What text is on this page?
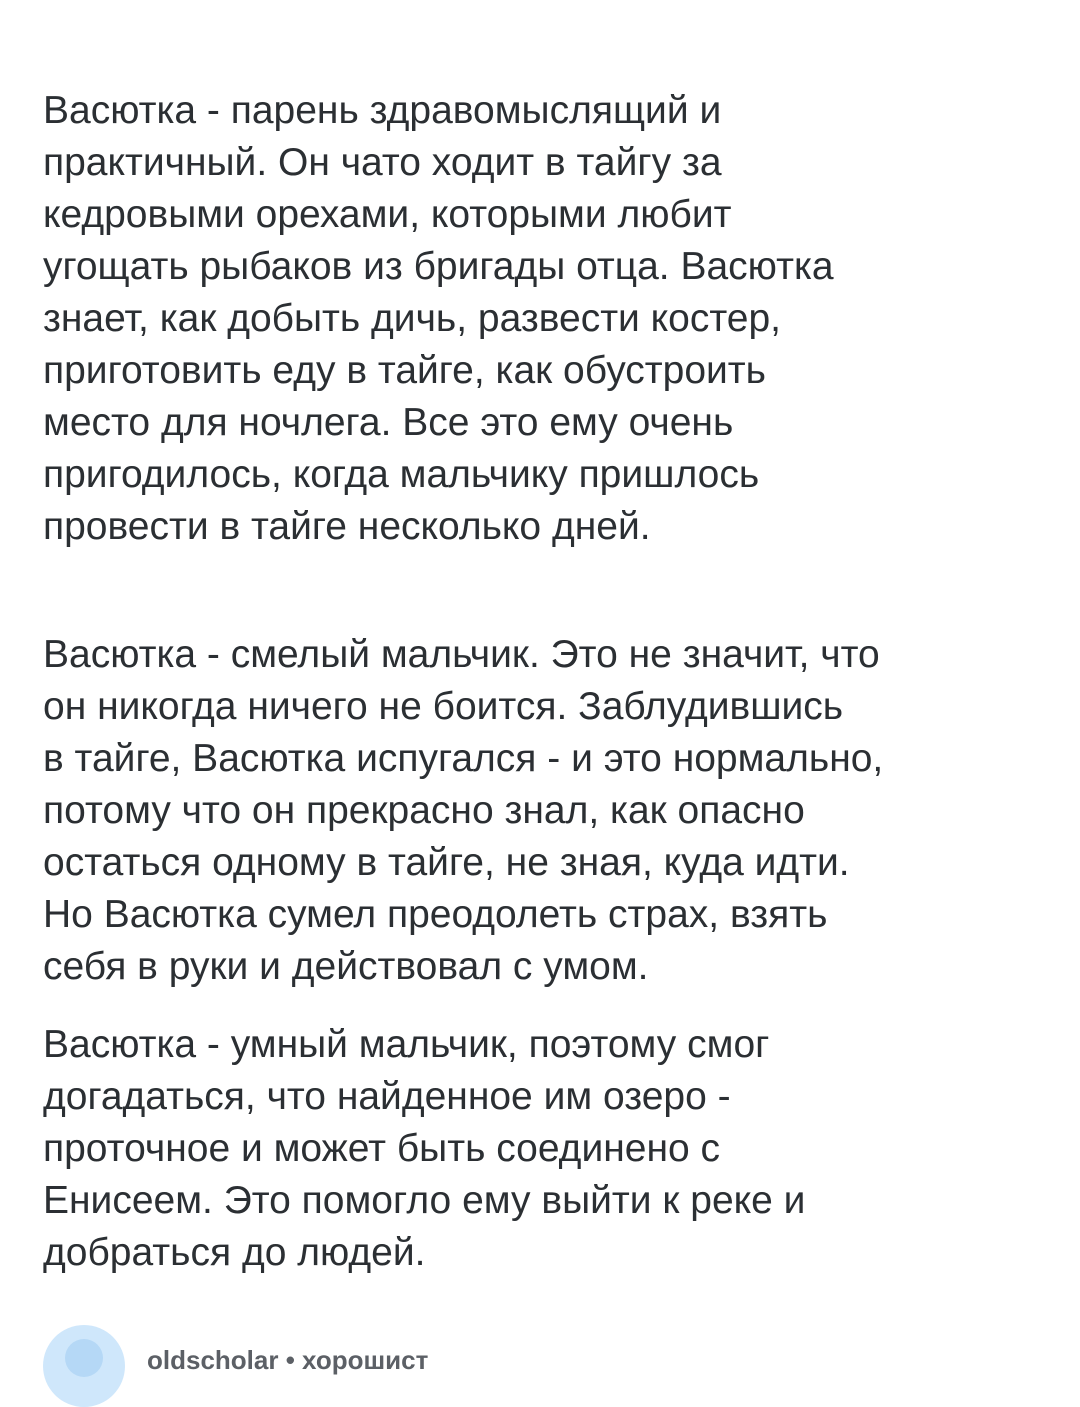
Васютка - парень здравомыслящий и
практичный. Он чато ходит в тайгу за
кедровыми орехами, которыми любит
угощать рыбаков из бригады отца. Васютка
знает, как добыть дичь, развести костер,
приготовить еду в тайге, как обустроить
место для ночлега. Все это ему очень
пригодилось, когда мальчику пришлось
провести в тайге несколько дней.

Васютка - смелый мальчик. Это не значит, что
он никогда ничего не боится. Заблудившись
в тайге, Васютка испугался - и это нормально,
потому что он прекрасно знал, как опасно
остаться одному в тайге, не зная, куда идти.
Но Васютка сумел преодолеть страх, взять
себя в руки и действовал с умом.

Васютка - умный мальчик, поэтому смог
догадаться, что найденное им озеро -
проточное и может быть соединено с
Енисеем. Это помогло ему выйти к реке и
добраться до людей.

oldscholar • хорошист
